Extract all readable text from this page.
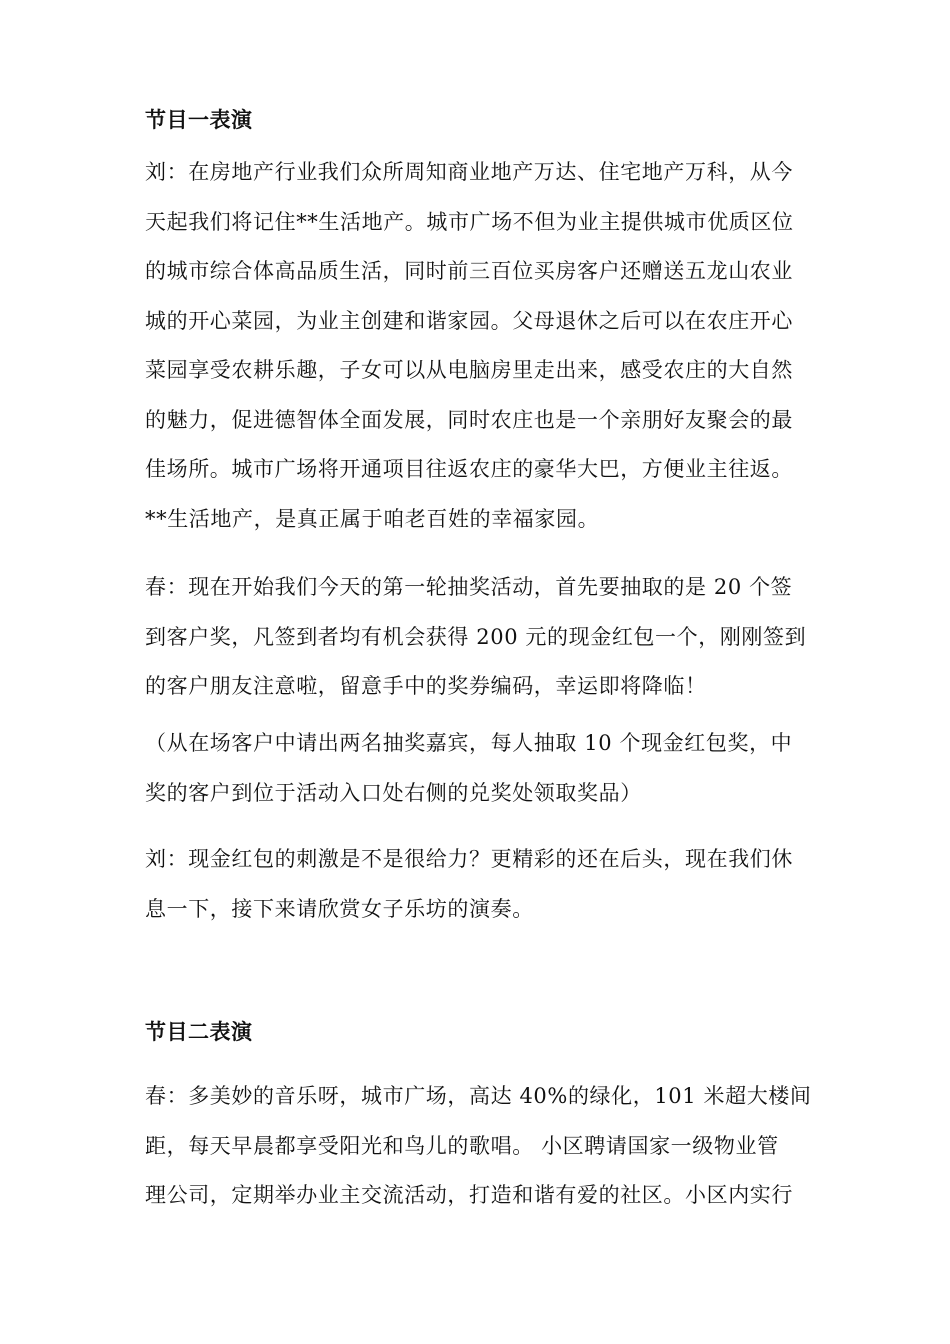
节目一表演
刘：在房地产行业我们众所周知商业地产万达、住宅地产万科，从今
天起我们将记住**生活地产。城市广场不但为业主提供城市优质区位
的城市综合体高品质生活，同时前三百位买房客户还赠送五龙山农业
城的开心菜园，为业主创建和谐家园。父母退休之后可以在农庄开心
菜园享受农耕乐趣，子女可以从电脑房里走出来，感受农庄的大自然
的魅力，促进德智体全面发展，同时农庄也是一个亲朋好友聚会的最
佳场所。城市广场将开通项目往返农庄的豪华大巴，方便业主往返。
**生活地产，是真正属于咱老百姓的幸福家园。
春：现在开始我们今天的第一轮抽奖活动，首先要抽取的是 20 个签
到客户奖，凡签到者均有机会获得 200 元的现金红包一个，刚刚签到
的客户朋友注意啦，留意手中的奖券编码，幸运即将降临！
（从在场客户中请出两名抽奖嘉宾，每人抽取 10 个现金红包奖，中
奖的客户到位于活动入口处右侧的兑奖处领取奖品）
刘：现金红包的刺激是不是很给力？更精彩的还在后头，现在我们休
息一下，接下来请欣赏女子乐坊的演奏。
节目二表演
春：多美妙的音乐呀，城市广场，高达 40%的绿化，101 米超大楼间
距，每天早晨都享受阳光和鸟儿的歌唱。 小区聘请国家一级物业管
理公司，定期举办业主交流活动，打造和谐有爱的社区。小区内实行
